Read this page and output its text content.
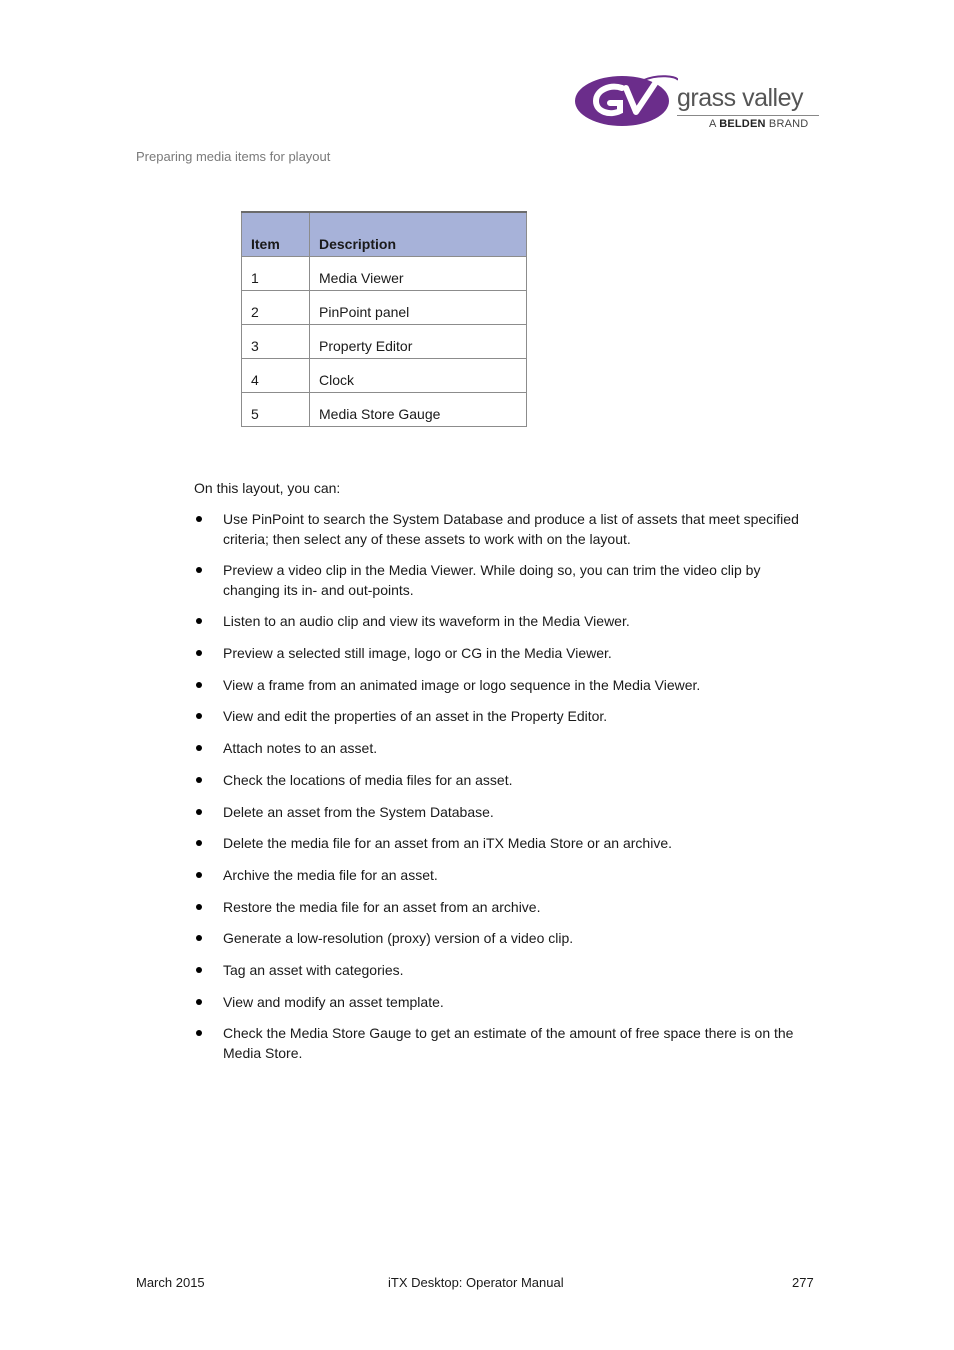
grass valley
A BELDEN BRAND
Preparing media items for playout
Item	Description
1	Media Viewer
2	PinPoint panel
3	Property Editor
4	Clock
5	Media Store Gauge
On this layout, you can:
Use PinPoint to search the System Database and produce a list of assets that meet specified criteria; then select any of these assets to work with on the layout.
Preview a video clip in the Media Viewer. While doing so, you can trim the video clip by changing its in- and out-points.
Listen to an audio clip and view its waveform in the Media Viewer.
Preview a selected still image, logo or CG in the Media Viewer.
View a frame from an animated image or logo sequence in the Media Viewer.
View and edit the properties of an asset in the Property Editor.
Attach notes to an asset.
Check the locations of media files for an asset.
Delete an asset from the System Database.
Delete the media file for an asset from an iTX Media Store or an archive.
Archive the media file for an asset.
Restore the media file for an asset from an archive.
Generate a low-resolution (proxy) version of a video clip.
Tag an asset with categories.
View and modify an asset template.
Check the Media Store Gauge to get an estimate of the amount of free space there is on the Media Store.
March 2015	iTX Desktop: Operator Manual	277
